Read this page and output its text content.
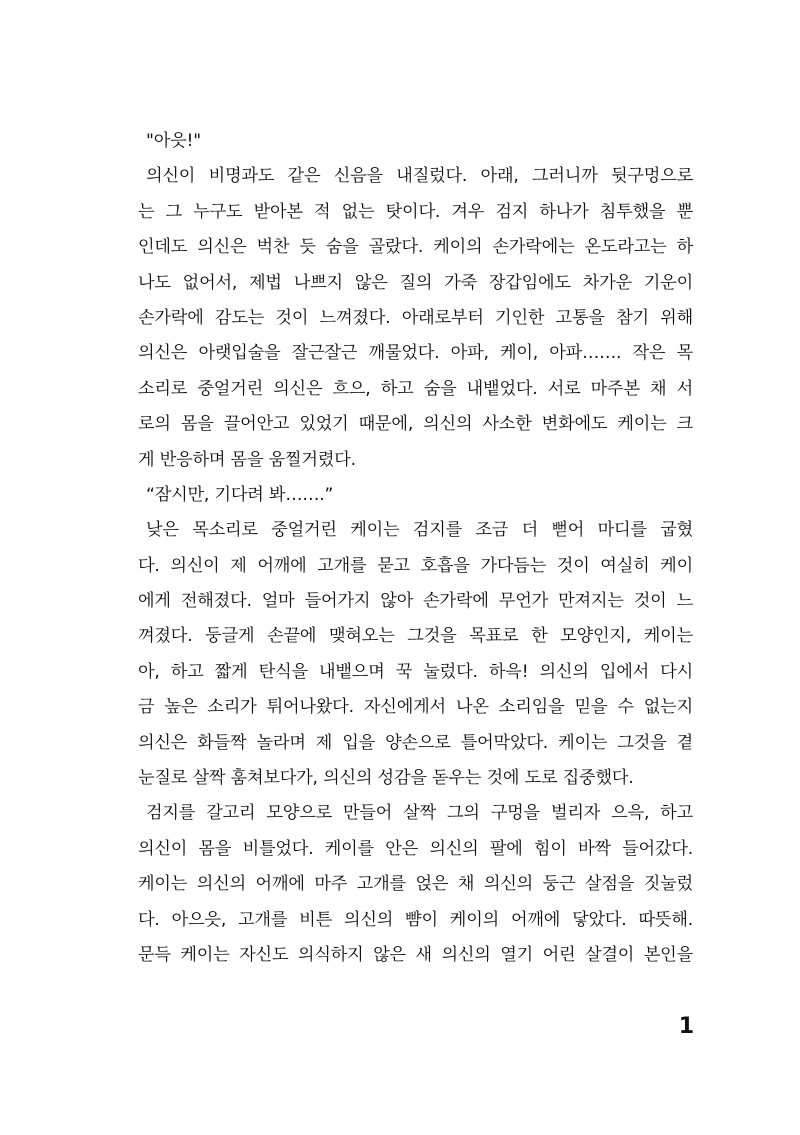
"아읏!"
의신이 비명과도 같은 신음을 내질렀다. 아래, 그러니까 뒷구멍으로
는 그 누구도 받아본 적 없는 탓이다. 겨우 검지 하나가 침투했을 뿐
인데도 의신은 벅찬 듯 숨을 골랐다. 케이의 손가락에는 온도라고는 하
나도 없어서, 제법 나쁘지 않은 질의 가죽 장갑임에도 차가운 기운이
손가락에 감도는 것이 느껴졌다. 아래로부터 기인한 고통을 참기 위해
의신은 아랫입술을 잘근잘근 깨물었다. 아파, 케이, 아파……. 작은 목
소리로 중얼거린 의신은 흐으, 하고 숨을 내뱉었다. 서로 마주본 채 서
로의 몸을 끌어안고 있었기 때문에, 의신의 사소한 변화에도 케이는 크
게 반응하며 몸을 움찔거렸다.
“잠시만, 기다려 봐…….”
낮은 목소리로 중얼거린 케이는 검지를 조금 더 뻗어 마디를 굽혔
다. 의신이 제 어깨에 고개를 묻고 호흡을 가다듬는 것이 여실히 케이
에게 전해졌다. 얼마 들어가지 않아 손가락에 무언가 만져지는 것이 느
껴졌다. 둥글게 손끝에 맺혀오는 그것을 목표로 한 모양인지, 케이는
아, 하고 짧게 탄식을 내뱉으며 꾹 눌렀다. 하윽! 의신의 입에서 다시
금 높은 소리가 튀어나왔다. 자신에게서 나온 소리임을 믿을 수 없는지
의신은 화들짝 놀라며 제 입을 양손으로 틀어막았다. 케이는 그것을 곁
눈질로 살짝 훔쳐보다가, 의신의 성감을 돋우는 것에 도로 집중했다.
검지를 갈고리 모양으로 만들어 살짝 그의 구멍을 벌리자 으윽, 하고
의신이 몸을 비틀었다. 케이를 안은 의신의 팔에 힘이 바짝 들어갔다.
케이는 의신의 어깨에 마주 고개를 얹은 채 의신의 둥근 살점을 짓눌렀
다. 아으읏, 고개를 비튼 의신의 뺨이 케이의 어깨에 닿았다. 따뜻해.
문득 케이는 자신도 의식하지 않은 새 의신의 열기 어린 살결이 본인을
1
